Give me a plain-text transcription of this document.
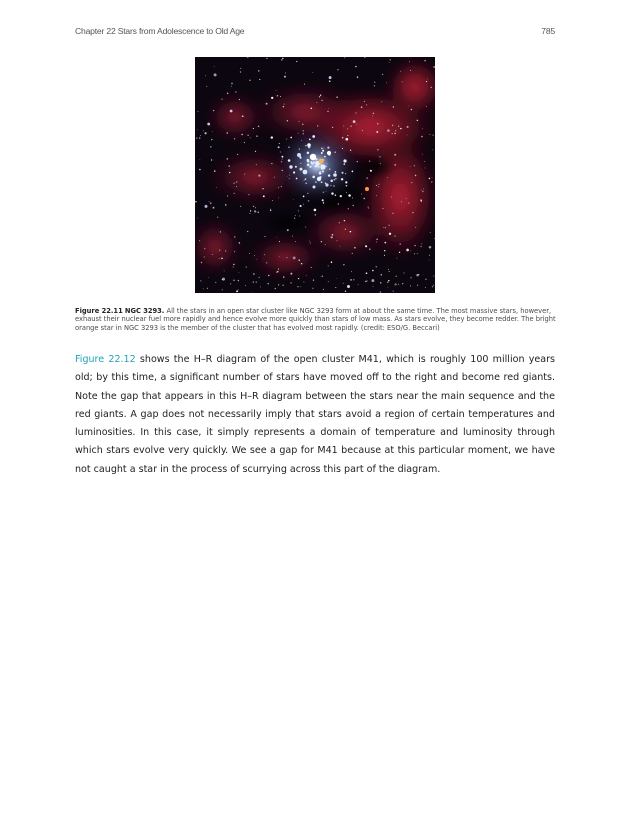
Chapter 22 Stars from Adolescence to Old Age	785
Figure 22.11 NGC 3293. All the stars in an open star cluster like NGC 3293 form at about the same time. The most massive stars, however, exhaust their nuclear fuel more rapidly and hence evolve more quickly than stars of low mass. As stars evolve, they become redder. The bright orange star in NGC 3293 is the member of the cluster that has evolved most rapidly. (credit: ESO/G. Beccari)
Figure 22.12 shows the H–R diagram of the open cluster M41, which is roughly 100 million years old; by this time, a significant number of stars have moved off to the right and become red giants. Note the gap that appears in this H–R diagram between the stars near the main sequence and the red giants. A gap does not necessarily imply that stars avoid a region of certain temperatures and luminosities. In this case, it simply represents a domain of temperature and luminosity through which stars evolve very quickly. We see a gap for M41 because at this particular moment, we have not caught a star in the process of scurrying across this part of the diagram.
